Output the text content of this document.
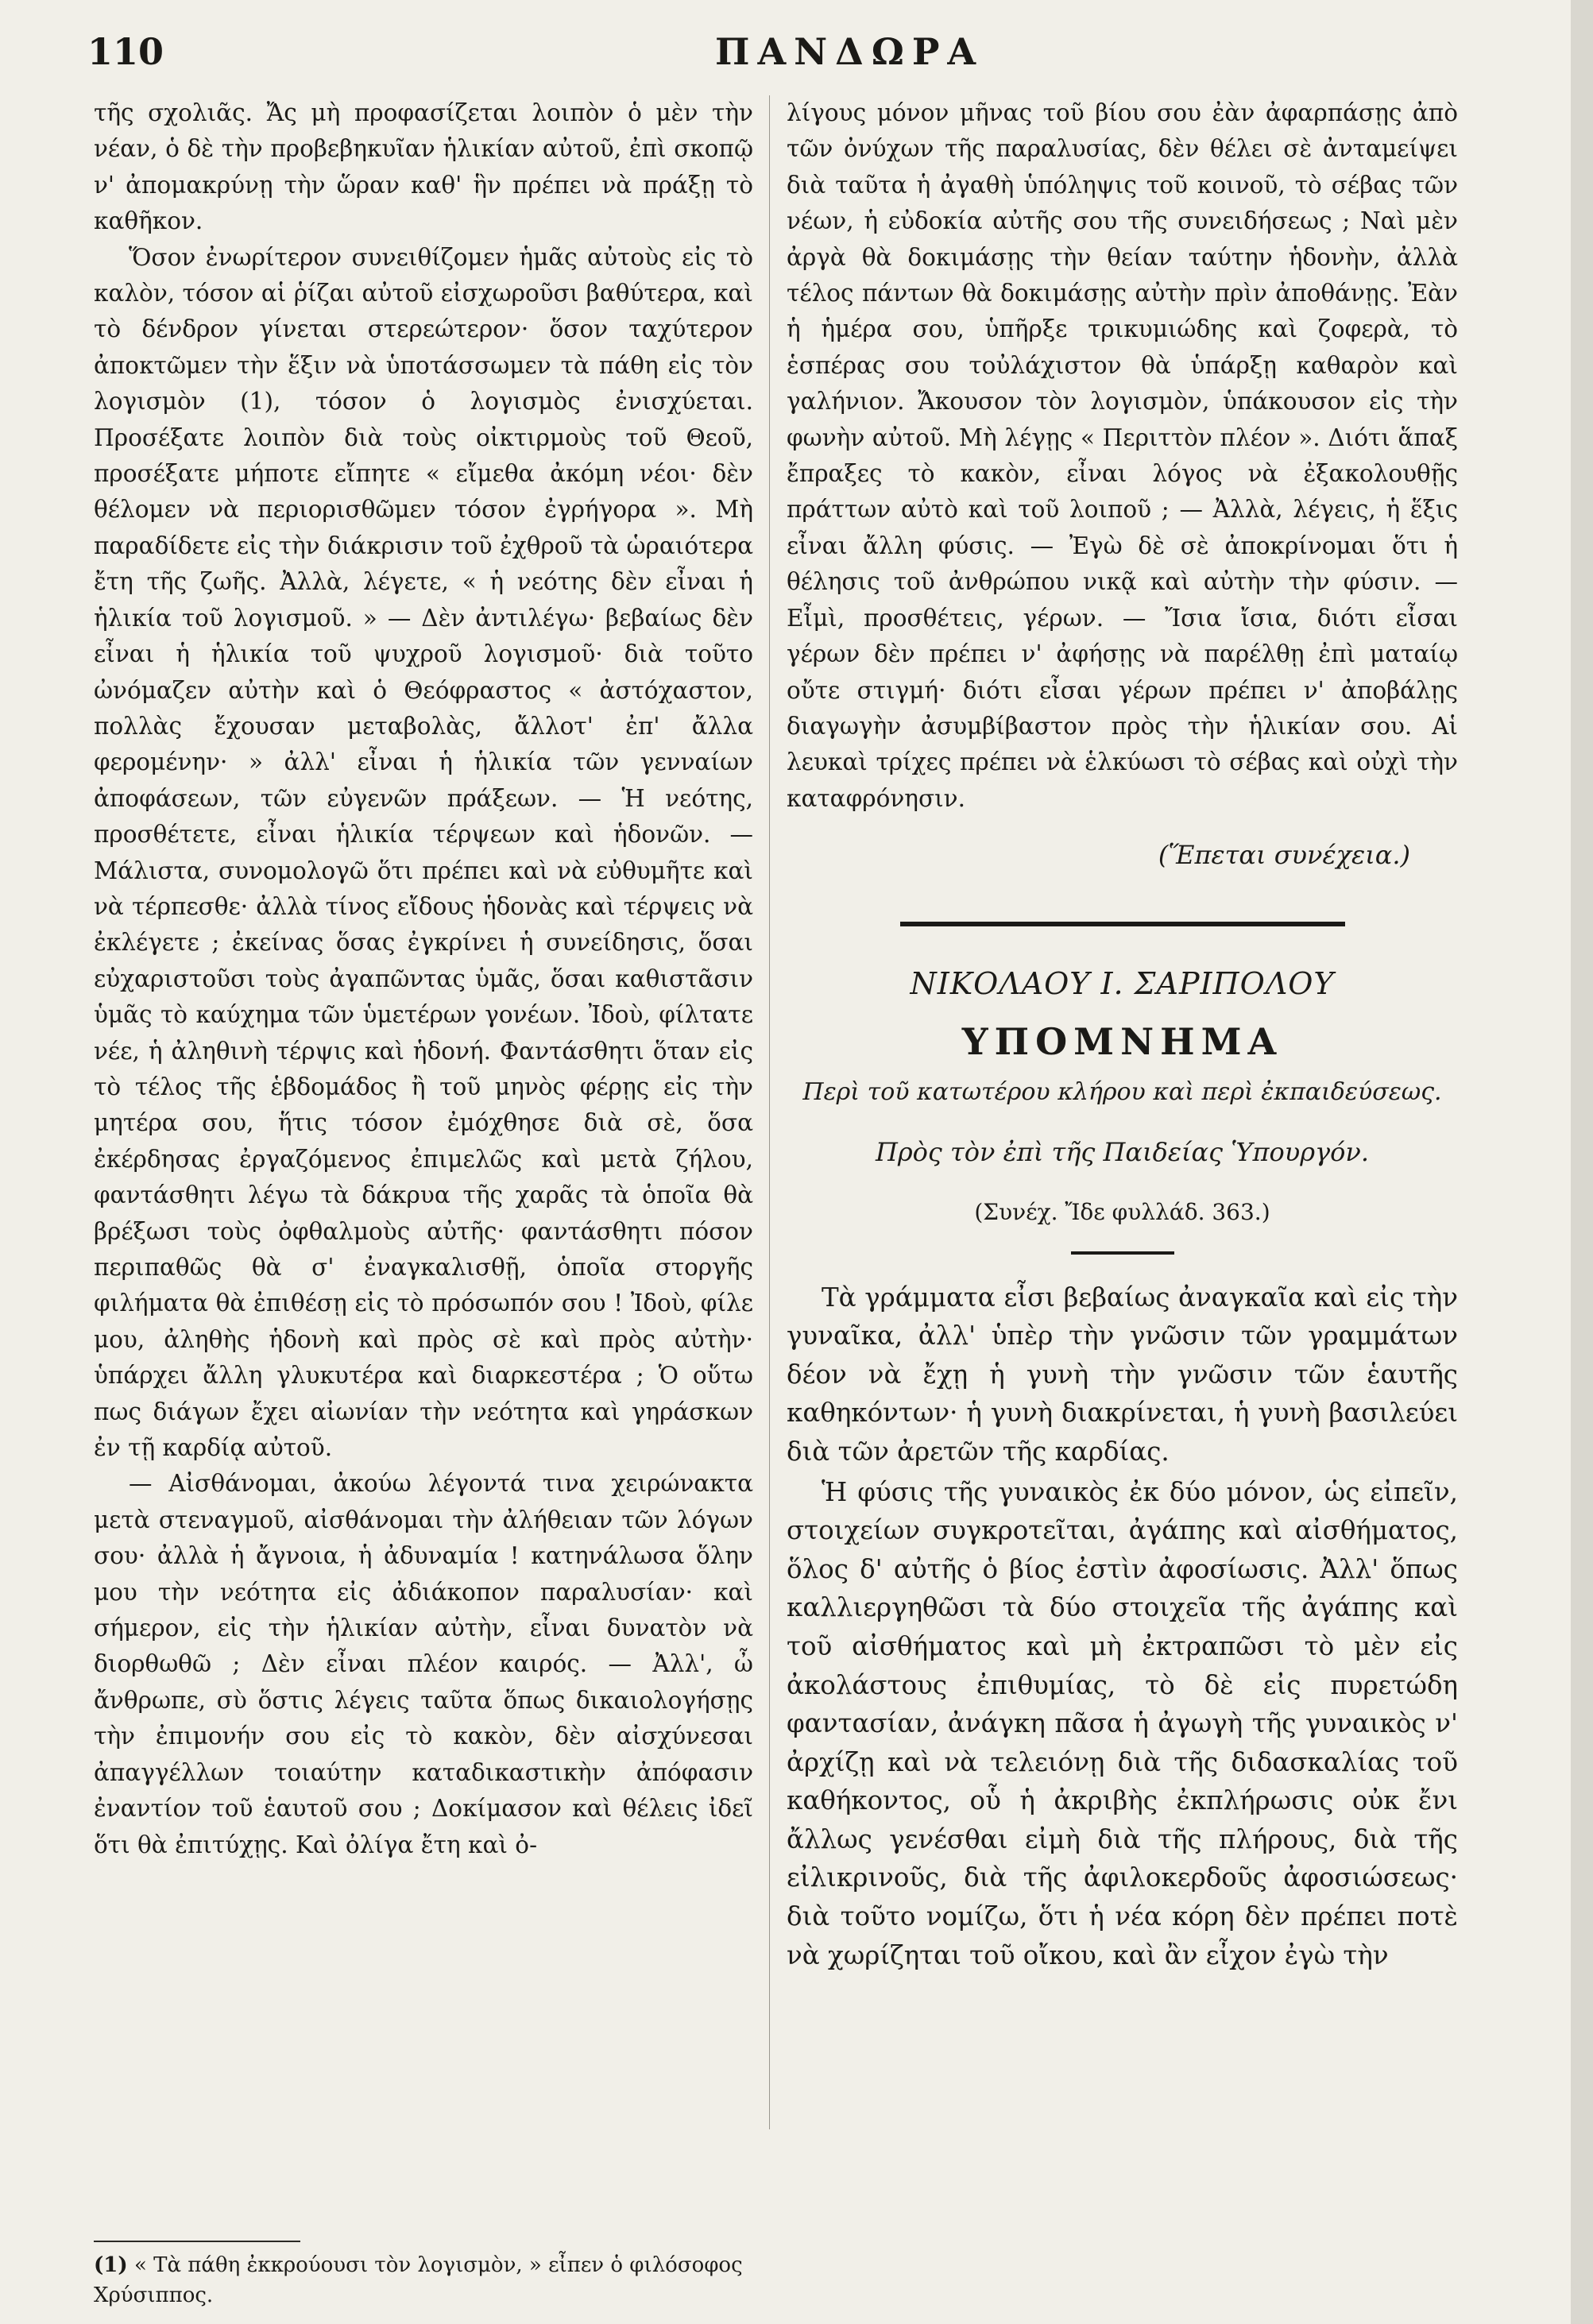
110	ΠΑΝΔΩΡΑ

τῆς σχολιᾶς. Ἄς μὴ προφασίζεται λοιπὸν ὁ μὲν τὴν νέαν, ὁ δὲ τὴν προβεβηκυῖαν ἡλικίαν αὐτοῦ, ἐπὶ σκοπῷ ν' ἀπομακρύνῃ τὴν ὥραν καθ' ἣν πρέπει νὰ πράξῃ τὸ καθῆκον.

Ὅσον ἐνωρίτερον συνειθίζομεν ἡμᾶς αὐτοὺς εἰς τὸ καλὸν, τόσον αἱ ῥίζαι αὐτοῦ εἰσχωροῦσι βαθύτερα, καὶ τὸ δένδρον γίνεται στερεώτερον· ὅσον ταχύτερον ἀποκτῶμεν τὴν ἕξιν νὰ ὑποτάσσωμεν τὰ πάθη εἰς τὸν λογισμὸν (1), τόσον ὁ λογισμὸς ἐνισχύεται. Προσέξατε λοιπὸν διὰ τοὺς οἰκτιρμοὺς τοῦ Θεοῦ, προσέξατε μήποτε εἴπητε « εἴμεθα ἀκόμη νέοι· δὲν θέλομεν νὰ περιορισθῶμεν τόσον ἐγρήγορα ». Μὴ παραδίδετε εἰς τὴν διάκρισιν τοῦ ἐχθροῦ τὰ ὡραιότερα ἔτη τῆς ζωῆς. Ἀλλὰ, λέγετε, « ἡ νεότης δὲν εἶναι ἡ ἡλικία τοῦ λογισμοῦ. » — Δὲν ἀντιλέγω· βεβαίως δὲν εἶναι ἡ ἡλικία τοῦ ψυχροῦ λογισμοῦ· διὰ τοῦτο ὠνόμαζεν αὐτὴν καὶ ὁ Θεόφραστος « ἀστόχαστον, πολλὰς ἔχουσαν μεταβολὰς, ἄλλοτ' ἐπ' ἄλλα φερομένην· » ἀλλ' εἶναι ἡ ἡλικία τῶν γενναίων ἀποφάσεων, τῶν εὐγενῶν πράξεων. — Ἡ νεότης, προσθέτετε, εἶναι ἡλικία τέρψεων καὶ ἡδονῶν. — Μάλιστα, συνομολογῶ ὅτι πρέπει καὶ νὰ εὐθυμῆτε καὶ νὰ τέρπεσθε· ἀλλὰ τίνος εἴδους ἡδονὰς καὶ τέρψεις νὰ ἐκλέγετε ; ἐκείνας ὅσας ἐγκρίνει ἡ συνείδησις, ὅσαι εὐχαριστοῦσι τοὺς ἀγαπῶντας ὑμᾶς, ὅσαι καθιστᾶσιν ὑμᾶς τὸ καύχημα τῶν ὑμετέρων γονέων. Ἰδοὺ, φίλτατε νέε, ἡ ἀληθινὴ τέρψις καὶ ἡδονή. Φαντάσθητι ὅταν εἰς τὸ τέλος τῆς ἑβδομάδος ἢ τοῦ μηνὸς φέρῃς εἰς τὴν μητέρα σου, ἥτις τόσον ἐμόχθησε διὰ σὲ, ὅσα ἐκέρδησας ἐργαζόμενος ἐπιμελῶς καὶ μετὰ ζήλου, φαντάσθητι λέγω τὰ δάκρυα τῆς χαρᾶς τὰ ὁποῖα θὰ βρέξωσι τοὺς ὀφθαλμοὺς αὐτῆς· φαντάσθητι πόσον περιπαθῶς θὰ σ' ἐναγκαλισθῇ, ὁποῖα στοργῆς φιλήματα θὰ ἐπιθέσῃ εἰς τὸ πρόσωπόν σου ! Ἰδοὺ, φίλε μου, ἀληθὴς ἡδονὴ καὶ πρὸς σὲ καὶ πρὸς αὐτὴν· ὑπάρχει ἄλλη γλυκυτέρα καὶ διαρκεστέρα ; Ὁ οὕτω πως διάγων ἔχει αἰωνίαν τὴν νεότητα καὶ γηράσκων ἐν τῇ καρδίᾳ αὐτοῦ.

— Αἰσθάνομαι, ἀκούω λέγοντά τινα χειρώνακτα μετὰ στεναγμοῦ, αἰσθάνομαι τὴν ἀλήθειαν τῶν λόγων σου· ἀλλὰ ἡ ἄγνοια, ἡ ἀδυναμία ! κατηνάλωσα ὅλην μου τὴν νεότητα εἰς ἀδιάκοπον παραλυσίαν· καὶ σήμερον, εἰς τὴν ἡλικίαν αὐτὴν, εἶναι δυνατὸν νὰ διορθωθῶ ; Δὲν εἶναι πλέον καιρός. — Ἀλλ', ὦ ἄνθρωπε, σὺ ὅστις λέγεις ταῦτα ὅπως δικαιολογήσῃς τὴν ἐπιμονήν σου εἰς τὸ κακὸν, δὲν αἰσχύνεσαι ἀπαγγέλλων τοιαύτην καταδικαστικὴν ἀπόφασιν ἐναντίον τοῦ ἑαυτοῦ σου ; Δοκίμασον καὶ θέλεις ἰδεῖ ὅτι θὰ ἐπιτύχῃς. Καὶ ὀλίγα ἔτη καὶ ὀ-

(1) « Τὰ πάθη ἐκκρούουσι τὸν λογισμὸν, » εἶπεν ὁ φιλόσοφος Χρύσιππος.

λίγους μόνον μῆνας τοῦ βίου σου ἐὰν ἀφαρπάσῃς ἀπὸ τῶν ὀνύχων τῆς παραλυσίας, δὲν θέλει σὲ ἀνταμείψει διὰ ταῦτα ἡ ἀγαθὴ ὑπόληψις τοῦ κοινοῦ, τὸ σέβας τῶν νέων, ἡ εὐδοκία αὐτῆς σου τῆς συνειδήσεως ; Ναὶ μὲν ἀργὰ θὰ δοκιμάσῃς τὴν θείαν ταύτην ἡδονὴν, ἀλλὰ τέλος πάντων θὰ δοκιμάσῃς αὐτὴν πρὶν ἀποθάνῃς. Ἐὰν ἡ ἡμέρα σου, ὑπῆρξε τρικυμιώδης καὶ ζοφερὰ, τὸ ἑσπέρας σου τοὐλάχιστον θὰ ὑπάρξῃ καθαρὸν καὶ γαλήνιον. Ἄκουσον τὸν λογισμὸν, ὑπάκουσον εἰς τὴν φωνὴν αὐτοῦ. Μὴ λέγῃς « Περιττὸν πλέον ». Διότι ἅπαξ ἔπραξες τὸ κακὸν, εἶναι λόγος νὰ ἐξακολουθῇς πράττων αὐτὸ καὶ τοῦ λοιποῦ ; — Ἀλλὰ, λέγεις, ἡ ἕξις εἶναι ἄλλη φύσις. — Ἐγὼ δὲ σὲ ἀποκρίνομαι ὅτι ἡ θέλησις τοῦ ἀνθρώπου νικᾷ καὶ αὐτὴν τὴν φύσιν. — Εἶμὶ, προσθέτεις, γέρων. — Ἴσια ἴσια, διότι εἶσαι γέρων δὲν πρέπει ν' ἀφήσῃς νὰ παρέλθῃ ἐπὶ ματαίῳ οὔτε στιγμή· διότι εἶσαι γέρων πρέπει ν' ἀποβάλῃς διαγωγὴν ἀσυμβίβαστον πρὸς τὴν ἡλικίαν σου. Αἱ λευκαὶ τρίχες πρέπει νὰ ἑλκύωσι τὸ σέβας καὶ οὐχὶ τὴν καταφρόνησιν.

(Ἕπεται συνέχεια.)
ΝΙΚΟΛΑΟΥ Ι. ΣΑΡΙΠΟΛΟΥ
ΥΠΟΜΝΗΜΑ
Περὶ τοῦ κατωτέρου κλήρου καὶ περὶ ἐκπαιδεύσεως.
Πρὸς τὸν ἐπὶ τῆς Παιδείας Ὑπουργόν.
(Συνέχ. Ἴδε φυλλάδ. 363.)

Τὰ γράμματα εἶσι βεβαίως ἀναγκαῖα καὶ εἰς τὴν γυναῖκα, ἀλλ' ὑπὲρ τὴν γνῶσιν τῶν γραμμάτων δέον νὰ ἔχῃ ἡ γυνὴ τὴν γνῶσιν τῶν ἑαυτῆς καθηκόντων· ἡ γυνὴ διακρίνεται, ἡ γυνὴ βασιλεύει διὰ τῶν ἀρετῶν τῆς καρδίας.

Ἡ φύσις τῆς γυναικὸς ἐκ δύο μόνον, ὡς εἰπεῖν, στοιχείων συγκροτεῖται, ἀγάπης καὶ αἰσθήματος, ὅλος δ' αὐτῆς ὁ βίος ἐστὶν ἀφοσίωσις. Ἀλλ' ὅπως καλλιεργηθῶσι τὰ δύο στοιχεῖα τῆς ἀγάπης καὶ τοῦ αἰσθήματος καὶ μὴ ἐκτραπῶσι τὸ μὲν εἰς ἀκολάστους ἐπιθυμίας, τὸ δὲ εἰς πυρετώδη φαντασίαν, ἀνάγκη πᾶσα ἡ ἀγωγὴ τῆς γυναικὸς ν' ἀρχίζῃ καὶ νὰ τελειόνῃ διὰ τῆς διδασκαλίας τοῦ καθήκοντος, οὗ ἡ ἀκριβὴς ἐκπλήρωσις οὐκ ἔνι ἄλλως γενέσθαι εἰμὴ διὰ τῆς πλήρους, διὰ τῆς εἰλικρινοῦς, διὰ τῆς ἀφιλοκερδοῦς ἀφοσιώσεως· διὰ τοῦτο νομίζω, ὅτι ἡ νέα κόρη δὲν πρέπει ποτὲ νὰ χωρίζηται τοῦ οἴκου, καὶ ἂν εἶχον ἐγὼ τὴν
